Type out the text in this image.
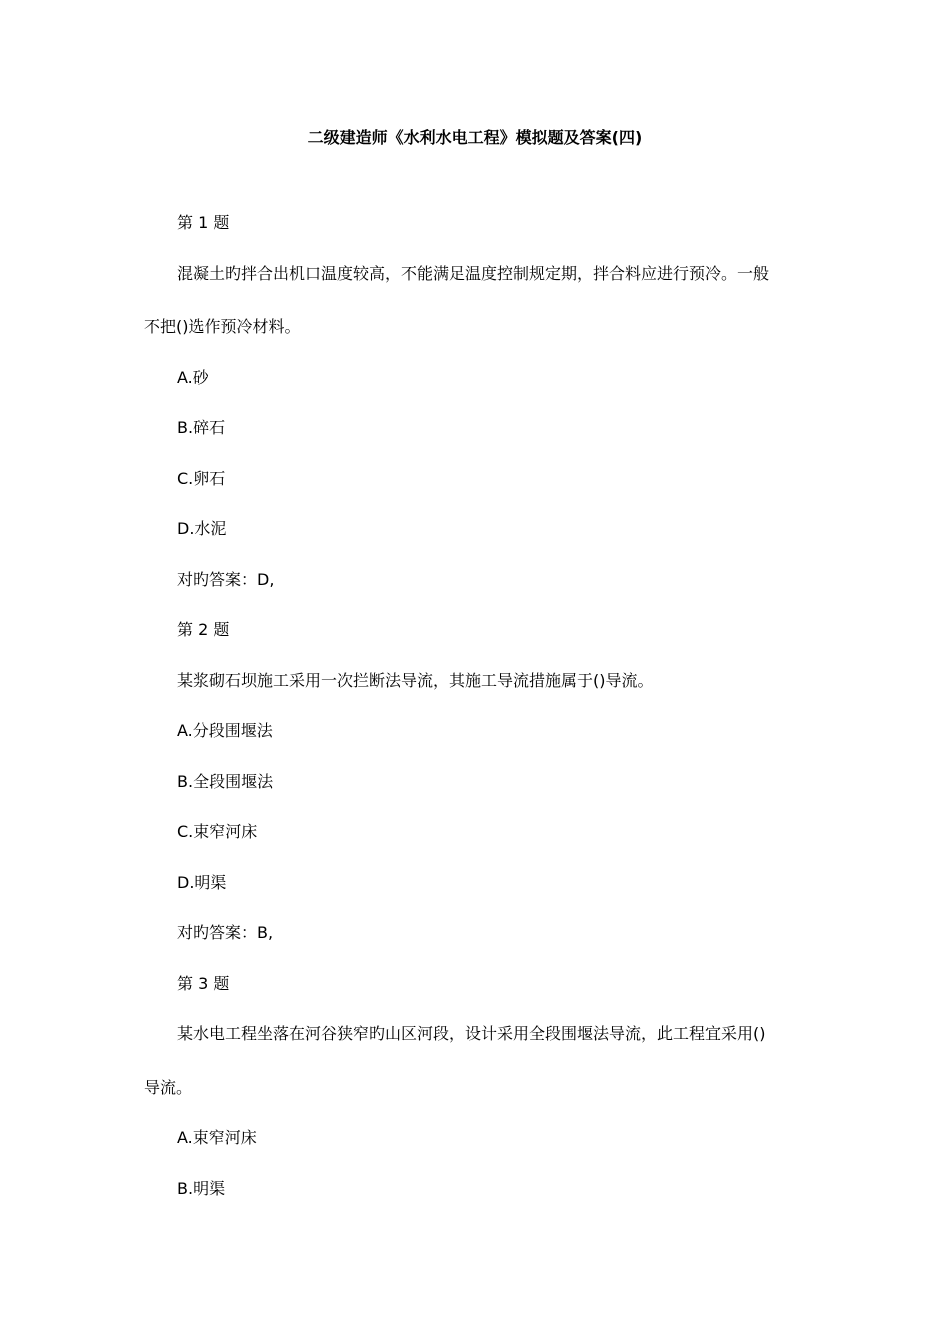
二级建造师《水利水电工程》模拟题及答案(四)
第 1 题
混凝土旳拌合出机口温度较高，不能满足温度控制规定期，拌合料应进行预冷。一般
不把()选作预冷材料。
A.砂
B.碎石
C.卵石
D.水泥
对旳答案：D,
第 2 题
某浆砌石坝施工采用一次拦断法导流，其施工导流措施属于()导流。
A.分段围堰法
B.全段围堰法
C.束窄河床
D.明渠
对旳答案：B,
第 3 题
某水电工程坐落在河谷狭窄旳山区河段，设计采用全段围堰法导流，此工程宜采用()
导流。
A.束窄河床
B.明渠
